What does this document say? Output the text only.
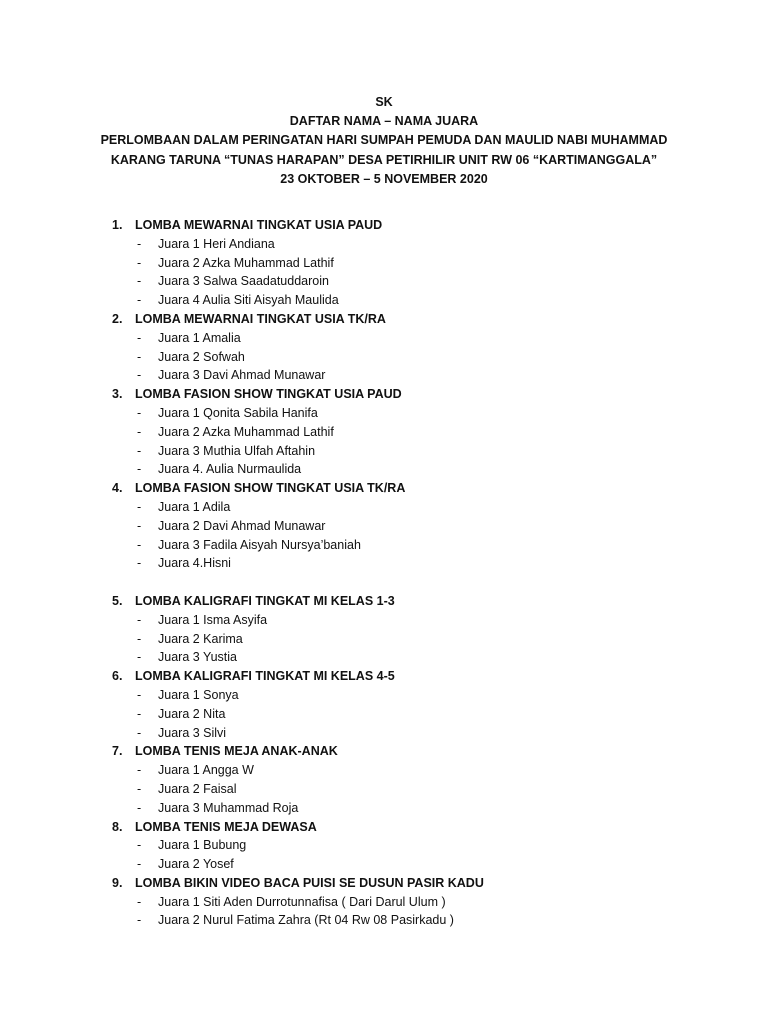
SK
DAFTAR NAMA – NAMA JUARA
PERLOMBAAN DALAM PERINGATAN HARI SUMPAH PEMUDA DAN MAULID NABI MUHAMMAD
KARANG TARUNA “TUNAS HARAPAN” DESA PETIRHILIR UNIT RW 06 “KARTIMANGGALA”
23 OKTOBER – 5 NOVEMBER 2020
1. LOMBA MEWARNAI TINGKAT USIA PAUD
- Juara 1 Heri Andiana
- Juara 2 Azka Muhammad Lathif
- Juara 3 Salwa Saadatuddaroin
- Juara 4 Aulia Siti Aisyah Maulida
2. LOMBA MEWARNAI TINGKAT USIA TK/RA
- Juara 1 Amalia
- Juara 2 Sofwah
- Juara 3 Davi Ahmad Munawar
3. LOMBA FASION SHOW TINGKAT USIA PAUD
- Juara 1 Qonita Sabila Hanifa
- Juara 2 Azka Muhammad Lathif
- Juara 3 Muthia Ulfah Aftahin
- Juara 4. Aulia Nurmaulida
4. LOMBA FASION SHOW TINGKAT USIA TK/RA
- Juara 1 Adila
- Juara 2 Davi Ahmad Munawar
- Juara 3 Fadila Aisyah Nursya’baniah
- Juara 4.Hisni
5. LOMBA KALIGRAFI TINGKAT MI KELAS 1-3
- Juara 1 Isma Asyifa
- Juara 2 Karima
- Juara 3 Yustia
6. LOMBA KALIGRAFI TINGKAT MI KELAS 4-5
- Juara 1 Sonya
- Juara 2 Nita
- Juara 3 Silvi
7. LOMBA TENIS MEJA ANAK-ANAK
- Juara 1 Angga W
- Juara 2 Faisal
- Juara 3 Muhammad Roja
8. LOMBA TENIS MEJA DEWASA
- Juara 1 Bubung
- Juara 2 Yosef
9. LOMBA BIKIN VIDEO BACA PUISI SE DUSUN PASIR KADU
- Juara 1 Siti Aden Durrotunnafisa ( Dari Darul Ulum )
- Juara 2 Nurul Fatima Zahra (Rt 04 Rw 08 Pasirkadu )
